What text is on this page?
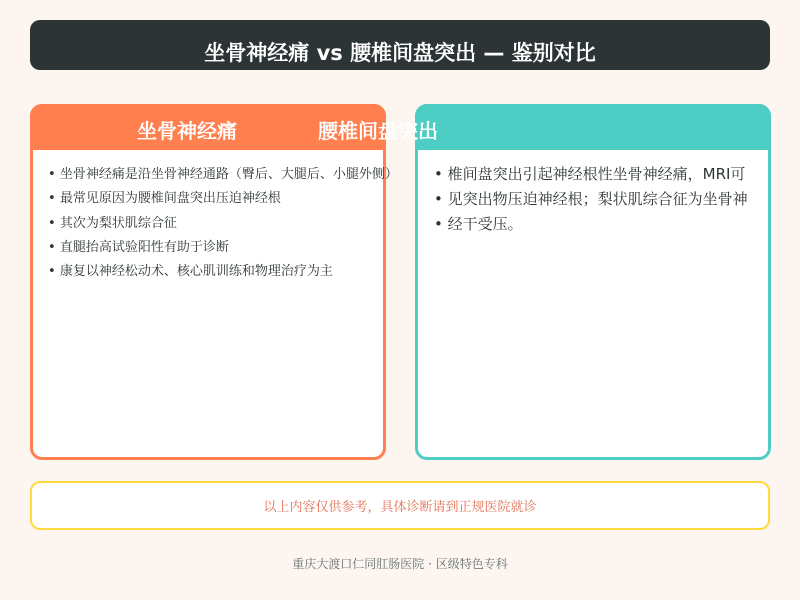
坐骨神经痛 vs 腰椎间盘突出 — 鉴别对比
坐骨神经痛	腰椎间盘突出
• 坐骨神经痛是沿坐骨神经通路（臀后、大腿后、小腿外侧）
• 最常见原因为腰椎间盘突出压迫神经根
• 其次为梨状肌综合征
• 直腿抬高试验阳性有助于诊断
• 康复以神经松动术、核心肌训练和物理治疗为主
• 椎间盘突出引起神经根性坐骨神经痛，MRI可
• 见突出物压迫神经根；梨状肌综合征为坐骨神
• 经干受压。
以上内容仅供参考，具体诊断请到正规医院就诊
重庆大渡口仁同肛肠医院 · 区级特色专科
